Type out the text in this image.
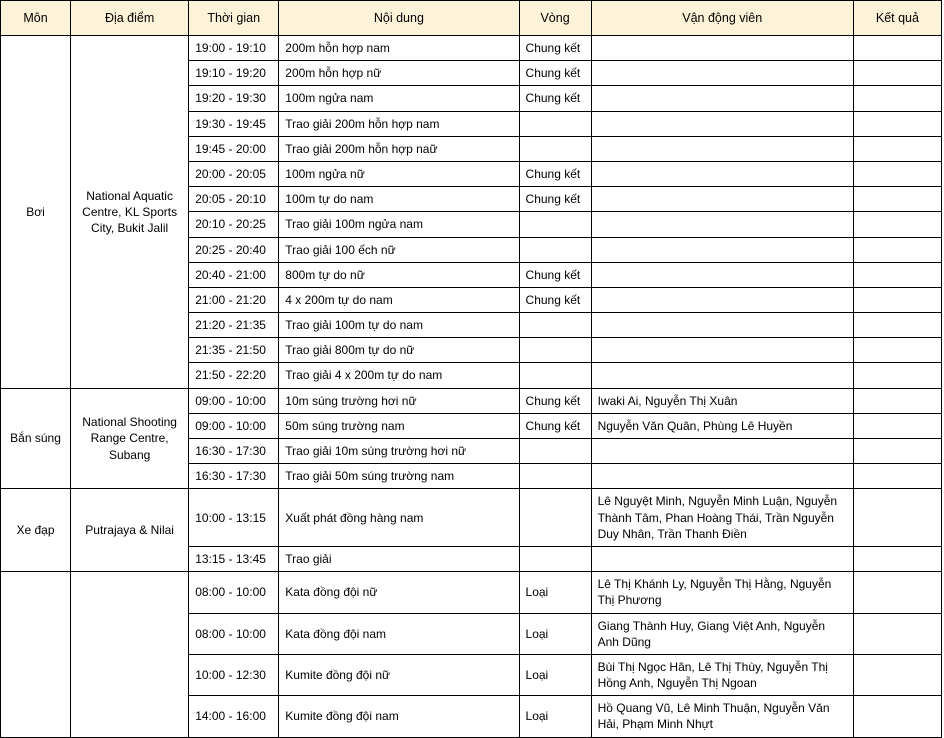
Môn	Địa điểm	Thời gian	Nội dung	Vòng	Vận động viên	Kết quả
Bơi	National Aquatic Centre, KL Sports City, Bukit Jalil	19:00 - 19:10	200m hỗn hợp nam	Chung kết		
		19:10 - 19:20	200m hỗn hợp nữ	Chung kết		
		19:20 - 19:30	100m ngửa nam	Chung kết		
		19:30 - 19:45	Trao giải 200m hỗn hợp nam			
		19:45 - 20:00	Trao giải 200m hỗn hợp naữ			
		20:00 - 20:05	100m ngửa nữ	Chung kết		
		20:05 - 20:10	100m tự do nam	Chung kết		
		20:10 - 20:25	Trao giải 100m ngửa nam			
		20:25 - 20:40	Trao giải 100 ếch nữ			
		20:40 - 21:00	800m tự do nữ	Chung kết		
		21:00 - 21:20	4 x 200m tự do nam	Chung kết		
		21:20 - 21:35	Trao giải 100m tự do nam			
		21:35 - 21:50	Trao giải 800m tự do nữ			
		21:50 - 22:20	Trao giải 4 x 200m tự do nam			
Bắn súng	National Shooting Range Centre, Subang	09:00 - 10:00	10m súng trường hơi nữ	Chung kết	Iwaki Ai, Nguyễn Thị Xuân	
		09:00 - 10:00	50m súng trường nam	Chung kết	Nguyễn Văn Quân, Phùng Lê Huyền	
		16:30 - 17:30	Trao giải 10m súng trường hơi nữ			
		16:30 - 17:30	Trao giải 50m súng trường nam			
Xe đạp	Putrajaya & Nilai	10:00 - 13:15	Xuất phát đồng hàng nam		Lê Nguyệt Minh, Nguyễn Minh Luận, Nguyễn Thành Tâm, Phan Hoàng Thái, Trần Nguyễn Duy Nhân, Trần Thanh Điền	
		13:15 - 13:45	Trao giải			
		08:00 - 10:00	Kata đồng đội nữ	Loại	Lê Thị Khánh Ly, Nguyễn Thị Hằng, Nguyễn Thị Phương	
		08:00 - 10:00	Kata đồng đội nam	Loại	Giang Thành Huy, Giang Việt Anh, Nguyễn Anh Dũng	
		10:00 - 12:30	Kumite đồng đội nữ	Loại	Bùi Thị Ngọc Hân, Lê Thị Thùy, Nguyễn Thị Hồng Anh, Nguyễn Thị Ngoan	
		14:00 - 16:00	Kumite đồng đội nam	Loại	Hồ Quang Vũ, Lê Minh Thuận, Nguyễn Văn Hải, Phạm Minh Nhựt	
